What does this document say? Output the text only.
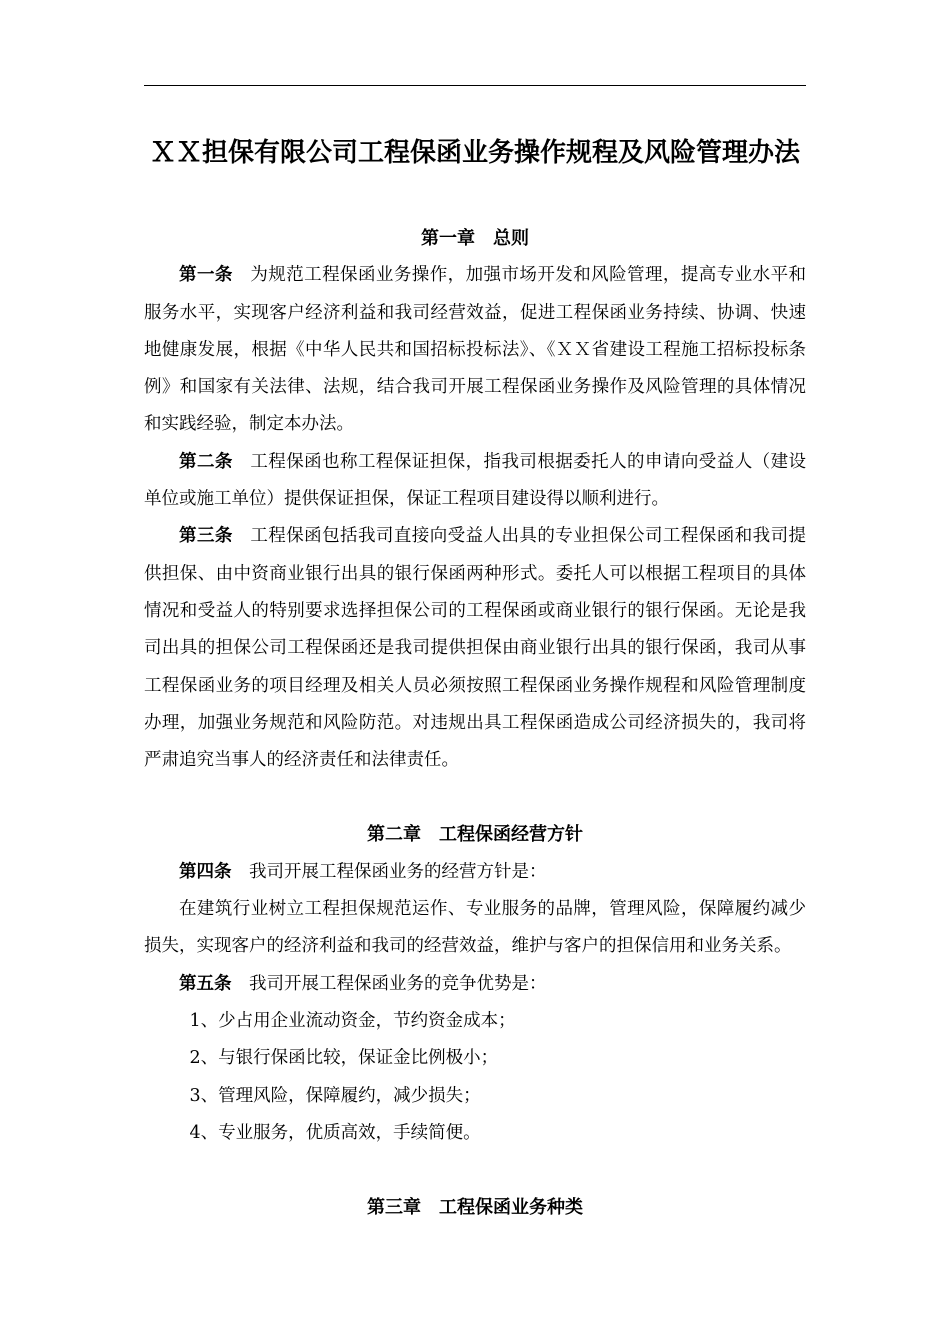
ＸＸ担保有限公司工程保函业务操作规程及风险管理办法
第一章 总则

第一条 为规范工程保函业务操作，加强市场开发和风险管理，提高专业水平和服务水平，实现客户经济利益和我司经营效益，促进工程保函业务持续、协调、快速地健康发展，根据《中华人民共和国招标投标法》、《ＸＸ省建设工程施工招标投标条例》和国家有关法律、法规，结合我司开展工程保函业务操作及风险管理的具体情况和实践经验，制定本办法。

第二条 工程保函也称工程保证担保，指我司根据委托人的申请向受益人（建设单位或施工单位）提供保证担保，保证工程项目建设得以顺利进行。

第三条 工程保函包括我司直接向受益人出具的专业担保公司工程保函和我司提供担保、由中资商业银行出具的银行保函两种形式。委托人可以根据工程项目的具体情况和受益人的特别要求选择担保公司的工程保函或商业银行的银行保函。无论是我司出具的担保公司工程保函还是我司提供担保由商业银行出具的银行保函，我司从事工程保函业务的项目经理及相关人员必须按照工程保函业务操作规程和风险管理制度办理，加强业务规范和风险防范。对违规出具工程保函造成公司经济损失的，我司将严肃追究当事人的经济责任和法律责任。

第二章 工程保函经营方针

第四条 我司开展工程保函业务的经营方针是：

在建筑行业树立工程担保规范运作、专业服务的品牌，管理风险，保障履约减少损失，实现客户的经济利益和我司的经营效益，维护与客户的担保信用和业务关系。

第五条 我司开展工程保函业务的竞争优势是：

1、少占用企业流动资金，节约资金成本；

2、与银行保函比较，保证金比例极小；

3、管理风险，保障履约，减少损失；

4、专业服务，优质高效，手续简便。

第三章 工程保函业务种类
